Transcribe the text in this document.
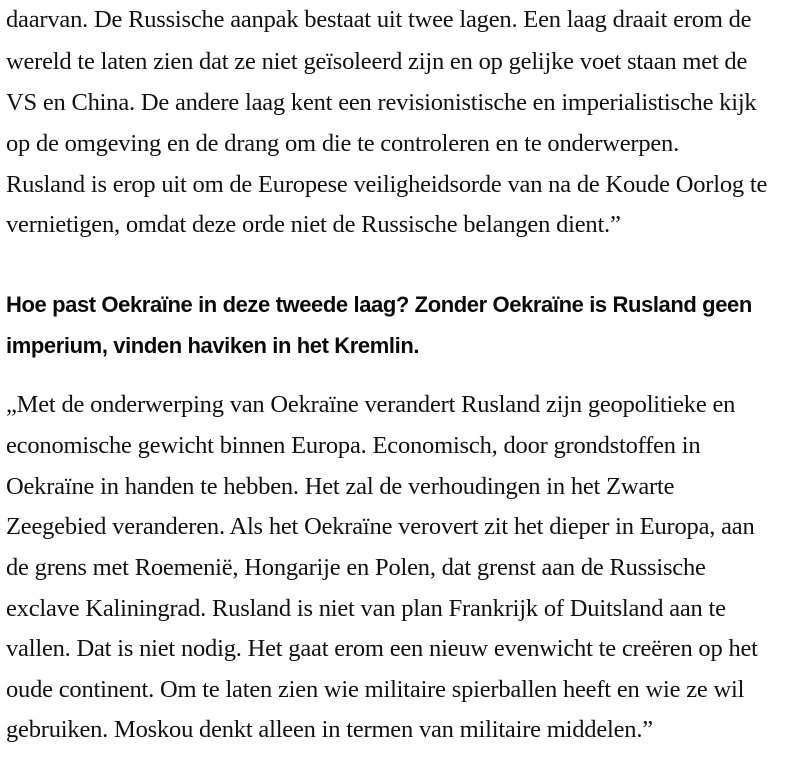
daarvan. De Russische aanpak bestaat uit twee lagen. Een laag draait erom de
wereld te laten zien dat ze niet geïsoleerd zijn en op gelijke voet staan met de
VS en China. De andere laag kent een revisionistische en imperialistische kijk
op de omgeving en de drang om die te controleren en te onderwerpen.
Rusland is erop uit om de Europese veiligheidsorde van na de Koude Oorlog te
vernietigen, omdat deze orde niet de Russische belangen dient.”
Hoe past Oekraïne in deze tweede laag? Zonder Oekraïne is Rusland geen
imperium, vinden haviken in het Kremlin.
„Met de onderwerping van Oekraïne verandert Rusland zijn geopolitieke en
economische gewicht binnen Europa. Economisch, door grondstoffen in
Oekraïne in handen te hebben. Het zal de verhoudingen in het Zwarte
Zeegebied veranderen. Als het Oekraïne verovert zit het dieper in Europa, aan
de grens met Roemenië, Hongarije en Polen, dat grenst aan de Russische
exclave Kaliningrad. Rusland is niet van plan Frankrijk of Duitsland aan te
vallen. Dat is niet nodig. Het gaat erom een nieuw evenwicht te creëren op het
oude continent. Om te laten zien wie militaire spierballen heeft en wie ze wil
gebruiken. Moskou denkt alleen in termen van militaire middelen.”
